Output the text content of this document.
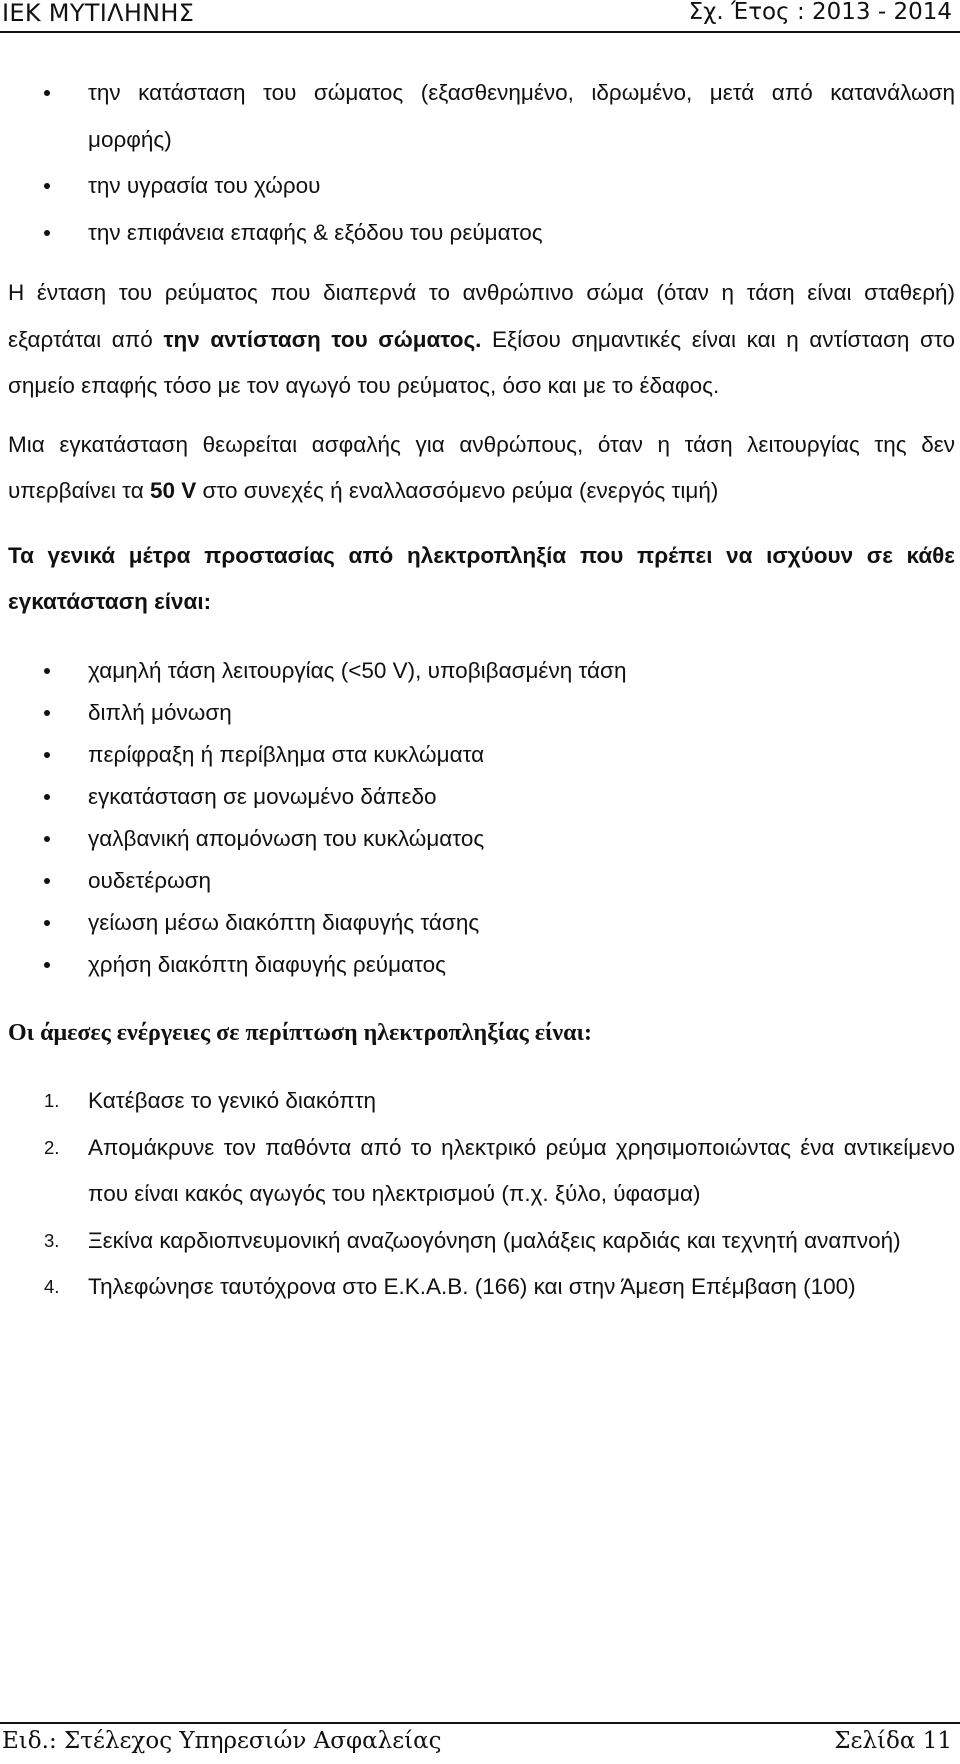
ΙΕΚ ΜΥΤΙΛΗΝΗΣ	Σχ. Έτος : 2013 - 2014
την κατάσταση του σώματος (εξασθενημένο, ιδρωμένο, μετά από κατανάλωση μορφής)
την υγρασία του χώρου
την επιφάνεια επαφής & εξόδου του ρεύματος

Η ένταση του ρεύματος που διαπερνά το ανθρώπινο σώμα (όταν η τάση είναι σταθερή) εξαρτάται από την αντίσταση του σώματος. Εξίσου σημαντικές είναι και η αντίσταση στο σημείο επαφής τόσο με τον αγωγό του ρεύματος, όσο και με το έδαφος.

Μια εγκατάσταση θεωρείται ασφαλής για ανθρώπους, όταν η τάση λειτουργίας της δεν υπερβαίνει τα 50 V στο συνεχές ή εναλλασσόμενο ρεύμα (ενεργός τιμή)

Τα γενικά μέτρα προστασίας από ηλεκτροπληξία που πρέπει να ισχύουν σε κάθε εγκατάσταση είναι:

χαμηλή τάση λειτουργίας (<50 V), υποβιβασμένη τάση
διπλή μόνωση
περίφραξη ή περίβλημα στα κυκλώματα
εγκατάσταση σε μονωμένο δάπεδο
γαλβανική απομόνωση του κυκλώματος
ουδετέρωση
γείωση μέσω διακόπτη διαφυγής τάσης
χρήση διακόπτη διαφυγής ρεύματος

Οι άμεσες ενέργειες σε περίπτωση ηλεκτροπληξίας είναι:

1. Κατέβασε το γενικό διακόπτη
2. Απομάκρυνε τον παθόντα από το ηλεκτρικό ρεύμα χρησιμοποιώντας ένα αντικείμενο που είναι κακός αγωγός του ηλεκτρισμού (π.χ. ξύλο, ύφασμα)
3. Ξεκίνα καρδιοπνευμονική αναζωογόνηση (μαλάξεις καρδιάς και τεχνητή αναπνοή)
4. Τηλεφώνησε ταυτόχρονα στο Ε.Κ.Α.Β. (166) και στην Άμεση Επέμβαση (100)
Ειδ.: Στέλεχος Υπηρεσιών Ασφαλείας	Σελίδα 11
